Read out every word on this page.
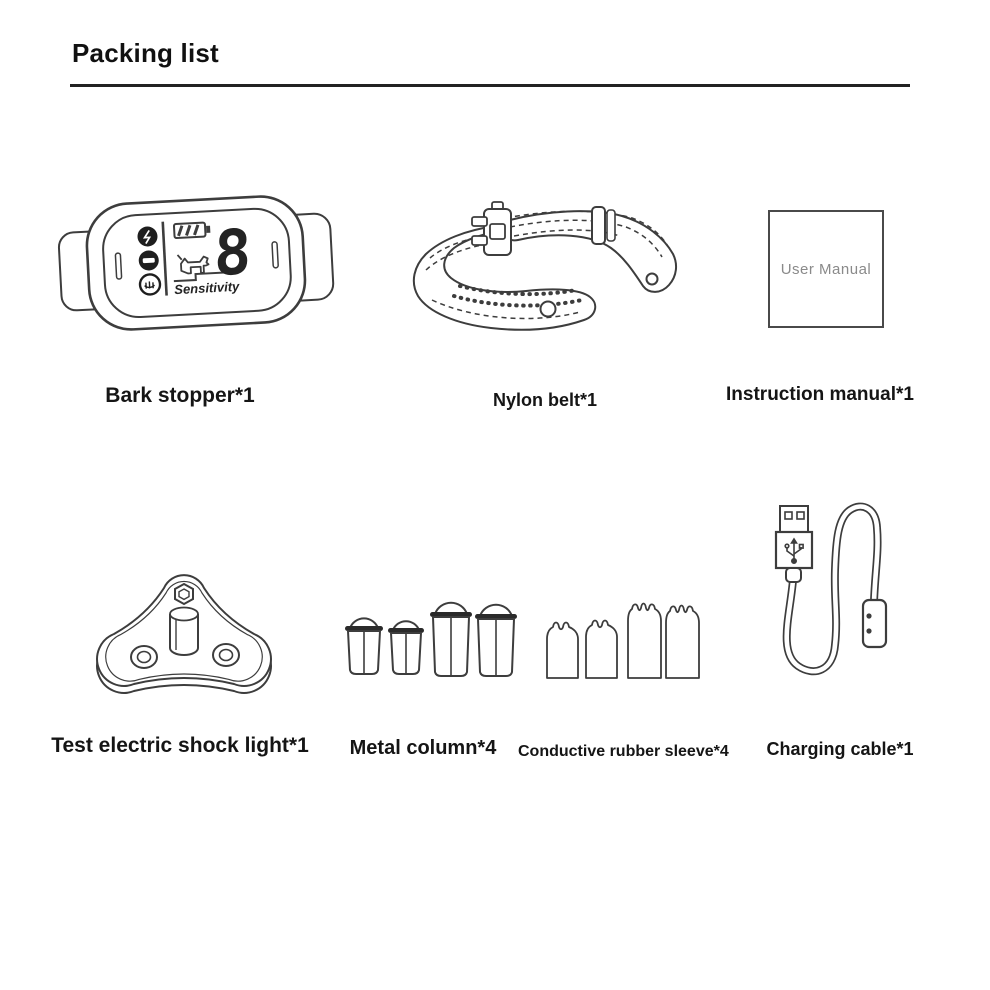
Packing list
Sensitivity
8
Bark stopper*1	Nylon belt*1
User Manual
Instruction manual*1
Test electric shock light*1	Metal column*4	Conductive rubber sleeve*4	Charging cable*1
